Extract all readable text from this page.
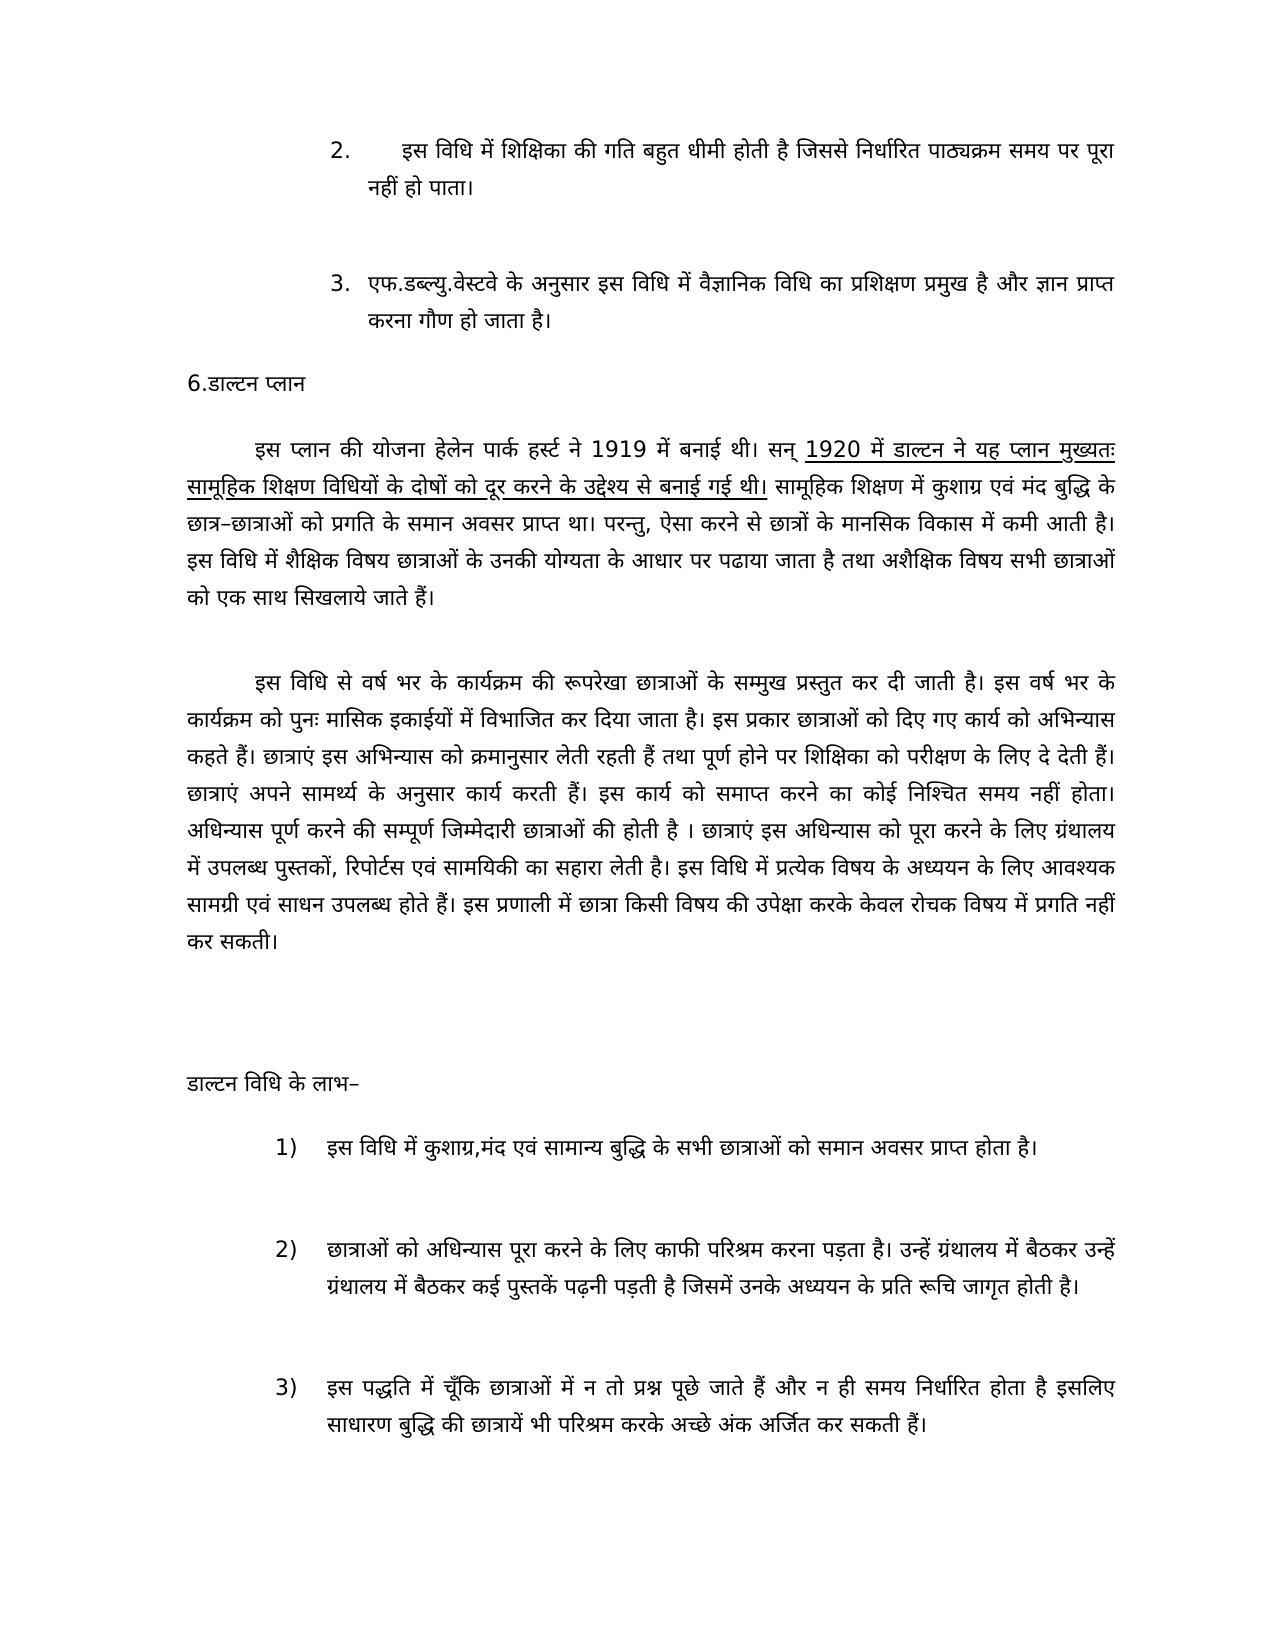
2.	इस विधि में शिक्षिका की गति बहुत धीमी होती है जिससे निर्धारित पाठ्यक्रम समय पर पूरा नहीं हो पाता।
3. एफ.डब्ल्यु.वेस्टवे के अनुसार इस विधि में वैज्ञानिक विधि का प्रशिक्षण प्रमुख है और ज्ञान प्राप्त करना गौण हो जाता है।
6.डाल्टन प्लान
इस प्लान की योजना हेलेन पार्क हर्स्ट ने 1919 में बनाई थी। सन् 1920 में डाल्टन ने यह प्लान मुख्यतः सामूहिक शिक्षण विधियों के दोषों को दूर करने के उद्देश्य से बनाई गई थी। सामूहिक शिक्षण में कुशाग्र एवं मंद बुद्धि के छात्र–छात्राओं को प्रगति के समान अवसर प्राप्त था। परन्तु, ऐसा करने से छात्रों के मानसिक विकास में कमी आती है। इस विधि में शैक्षिक विषय छात्राओं के उनकी योग्यता के आधार पर पढाया जाता है तथा अशैक्षिक विषय सभी छात्राओं को एक साथ सिखलाये जाते हैं।
इस विधि से वर्ष भर के कार्यक्रम की रूपरेखा छात्राओं के सम्मुख प्रस्तुत कर दी जाती है। इस वर्ष भर के कार्यक्रम को पुनः मासिक इकाईयों में विभाजित कर दिया जाता है। इस प्रकार छात्राओं को दिए गए कार्य को अभिन्यास कहते हैं। छात्राएं इस अभिन्यास को क्रमानुसार लेती रहती हैं तथा पूर्ण होने पर शिक्षिका को परीक्षण के लिए दे देती हैं। छात्राएं अपने सामर्थ्य के अनुसार कार्य करती हैं। इस कार्य को समाप्त करने का कोई निश्चित समय नहीं होता। अधिन्यास पूर्ण करने की सम्पूर्ण जिम्मेदारी छात्राओं की होती है । छात्राएं इस अधिन्यास को पूरा करने के लिए ग्रंथालय में उपलब्ध पुस्तकों, रिपोर्टस एवं सामयिकी का सहारा लेती है। इस विधि में प्रत्येक विषय के अध्ययन के लिए आवश्यक सामग्री एवं साधन उपलब्ध होते हैं। इस प्रणाली में छात्रा किसी विषय की उपेक्षा करके केवल रोचक विषय में प्रगति नहीं कर सकती।
डाल्टन विधि के लाभ–
1) इस विधि में कुशाग्र,मंद एवं सामान्य बुद्धि के सभी छात्राओं को समान अवसर प्राप्त होता है।
2) छात्राओं को अधिन्यास पूरा करने के लिए काफी परिश्रम करना पड़ता है। उन्हें ग्रंथालय में बैठकर उन्हें ग्रंथालय में बैठकर कई पुस्तकें पढ़नी पड़ती है जिसमें उनके अध्ययन के प्रति रूचि जागृत होती है।
3) इस पद्धति में चूँकि छात्राओं में न तो प्रश्न पूछे जाते हैं और न ही समय निर्धारित होता है इसलिए साधारण बुद्धि की छात्रायें भी परिश्रम करके अच्छे अंक अर्जित कर सकती हैं।
